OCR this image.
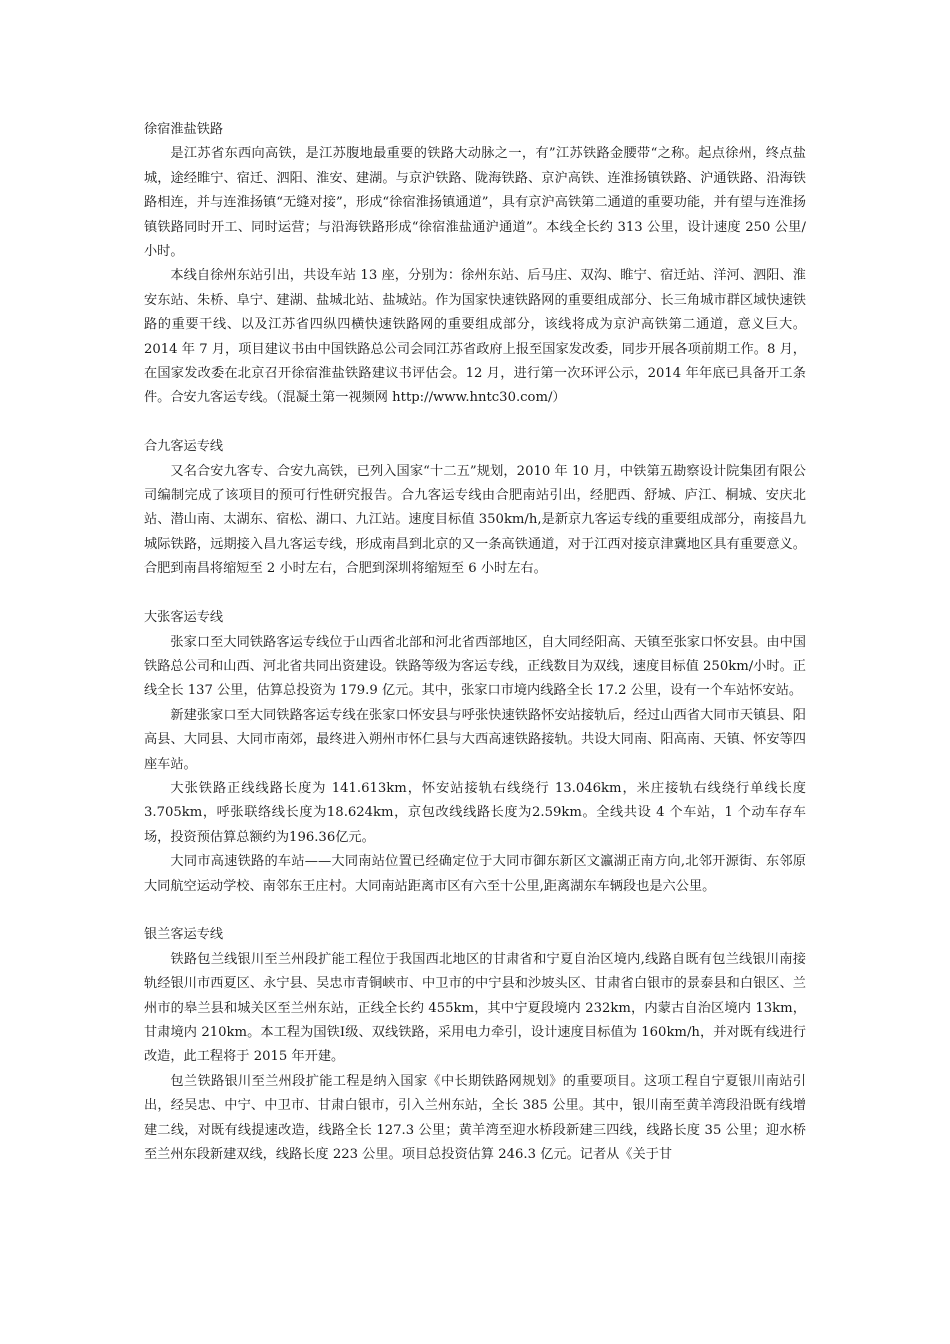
徐宿淮盐铁路

是江苏省东西向高铁，是江苏腹地最重要的铁路大动脉之一，有”江苏铁路金腰带“之称。起点徐州，终点盐城，途经睢宁、宿迁、泗阳、淮安、建湖。与京沪铁路、陇海铁路、京沪高铁、连淮扬镇铁路、沪通铁路、沿海铁路相连，并与连淮扬镇“无缝对接”，形成“徐宿淮扬镇通道”，具有京沪高铁第二通道的重要功能，并有望与连淮扬镇铁路同时开工、同时运营；与沿海铁路形成“徐宿淮盐通沪通道”。本线全长约 313 公里，设计速度 250 公里/小时。

本线自徐州东站引出，共设车站 13 座，分别为：徐州东站、后马庄、双沟、睢宁、宿迁站、洋河、泗阳、淮安东站、朱桥、阜宁、建湖、盐城北站、盐城站。作为国家快速铁路网的重要组成部分、长三角城市群区域快速铁路的重要干线、以及江苏省四纵四横快速铁路网的重要组成部分，该线将成为京沪高铁第二通道，意义巨大。2014 年 7 月，项目建议书由中国铁路总公司会同江苏省政府上报至国家发改委，同步开展各项前期工作。8 月，在国家发改委在北京召开徐宿淮盐铁路建议书评估会。12 月，进行第一次环评公示，2014 年年底已具备开工条件。合安九客运专线。（混凝土第一视频网 http://www.hntc30.com/）

合九客运专线

又名合安九客专、合安九高铁，已列入国家“十二五”规划，2010 年 10 月，中铁第五勘察设计院集团有限公司编制完成了该项目的预可行性研究报告。合九客运专线由合肥南站引出，经肥西、舒城、庐江、桐城、安庆北站、潜山南、太湖东、宿松、湖口、九江站。速度目标值 350km/h,是新京九客运专线的重要组成部分，南接昌九城际铁路，远期接入昌九客运专线，形成南昌到北京的又一条高铁通道，对于江西对接京津冀地区具有重要意义。合肥到南昌将缩短至 2 小时左右，合肥到深圳将缩短至 6 小时左右。

大张客运专线

张家口至大同铁路客运专线位于山西省北部和河北省西部地区，自大同经阳高、天镇至张家口怀安县。由中国铁路总公司和山西、河北省共同出资建设。铁路等级为客运专线，正线数目为双线，速度目标值 250km/小时。正线全长 137 公里，估算总投资为 179.9 亿元。其中，张家口市境内线路全长 17.2 公里，设有一个车站怀安站。

新建张家口至大同铁路客运专线在张家口怀安县与呼张快速铁路怀安站接轨后，经过山西省大同市天镇县、阳高县、大同县、大同市南郊，最终进入朔州市怀仁县与大西高速铁路接轨。共设大同南、阳高南、天镇、怀安等四座车站。

大张铁路正线线路长度为 141.613km，怀安站接轨右线绕行 13.046km，米庄接轨右线绕行单线长度 3.705km，呼张联络线长度为18.624km，京包改线线路长度为2.59km。全线共设 4 个车站，1 个动车存车场，投资预估算总额约为196.36亿元。

大同市高速铁路的车站——大同南站位置已经确定位于大同市御东新区文瀛湖正南方向,北邻开源街、东邻原大同航空运动学校、南邻东王庄村。大同南站距离市区有六至十公里,距离湖东车辆段也是六公里。

银兰客运专线

铁路包兰线银川至兰州段扩能工程位于我国西北地区的甘肃省和宁夏自治区境内,线路自既有包兰线银川南接轨经银川市西夏区、永宁县、吴忠市青铜峡市、中卫市的中宁县和沙坡头区、甘肃省白银市的景泰县和白银区、兰州市的皋兰县和城关区至兰州东站，正线全长约 455km，其中宁夏段境内 232km，内蒙古自治区境内 13km，甘肃境内 210km。本工程为国铁Ⅰ级、双线铁路，采用电力牵引，设计速度目标值为 160km/h，并对既有线进行改造，此工程将于 2015 年开建。

包兰铁路银川至兰州段扩能工程是纳入国家《中长期铁路网规划》的重要项目。这项工程自宁夏银川南站引出，经吴忠、中宁、中卫市、甘肃白银市，引入兰州东站，全长 385 公里。其中，银川南至黄羊湾段沿既有线增建二线，对既有线提速改造，线路全长 127.3 公里；黄羊湾至迎水桥段新建三四线，线路长度 35 公里；迎水桥至兰州东段新建双线，线路长度 223 公里。项目总投资估算 246.3 亿元。记者从《关于甘
